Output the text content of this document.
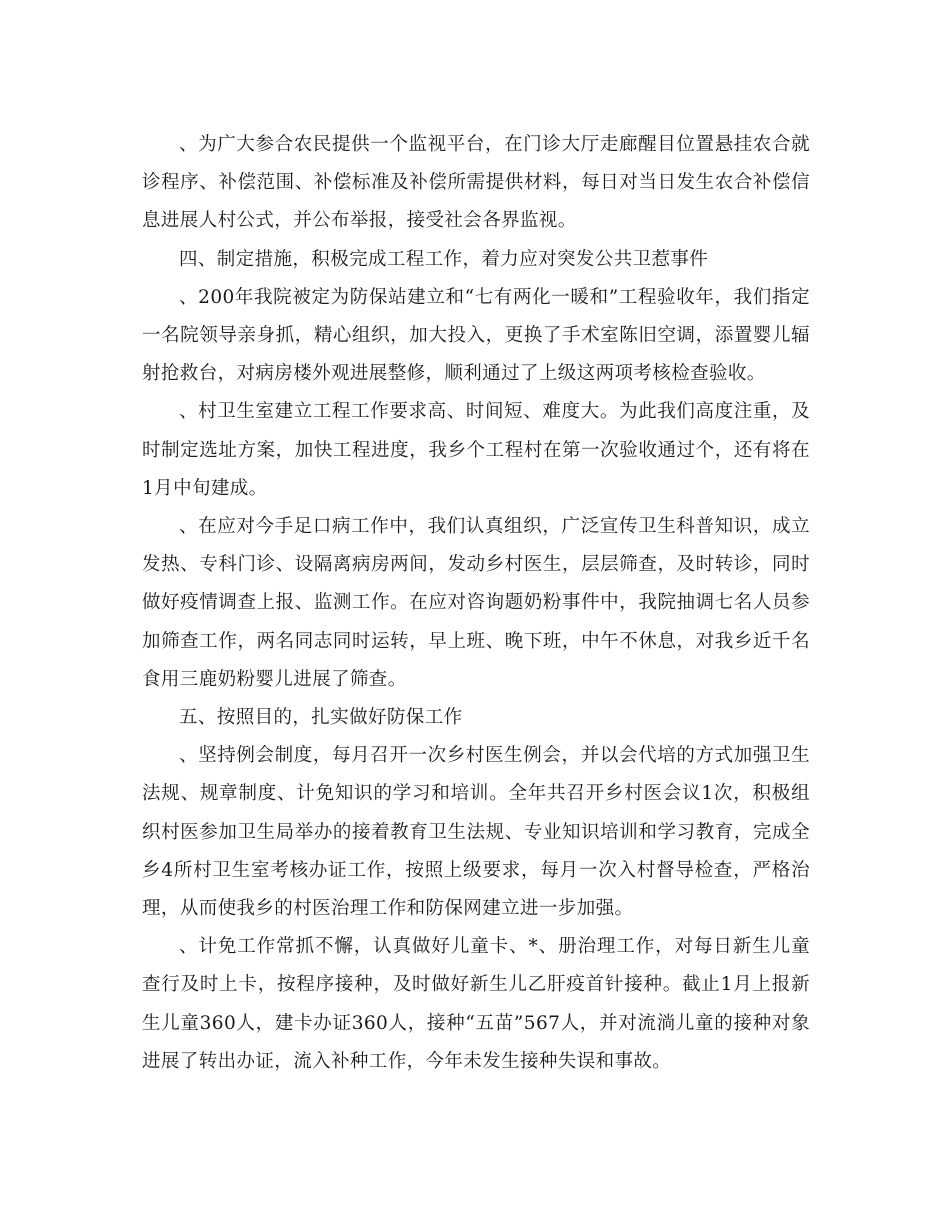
、为广大参合农民提供一个监视平台，在门诊大厅走廊醒目位置悬挂农合就诊程序、补偿范围、补偿标准及补偿所需提供材料，每日对当日发生农合补偿信息进展人村公式，并公布举报，接受社会各界监视。

四、制定措施，积极完成工程工作，着力应对突发公共卫惹事件

、200年我院被定为防保站建立和“七有两化一暖和”工程验收年，我们指定一名院领导亲身抓，精心组织，加大投入，更换了手术室陈旧空调，添置婴儿辐射抢救台，对病房楼外观进展整修，顺利通过了上级这两项考核检查验收。

、村卫生室建立工程工作要求高、时间短、难度大。为此我们高度注重，及时制定选址方案，加快工程进度，我乡个工程村在第一次验收通过个，还有将在1月中旬建成。

、在应对今手足口病工作中，我们认真组织，广泛宣传卫生科普知识，成立发热、专科门诊、设隔离病房两间，发动乡村医生，层层筛查，及时转诊，同时做好疫情调查上报、监测工作。在应对咨询题奶粉事件中，我院抽调七名人员参加筛查工作，两名同志同时运转，早上班、晚下班，中午不休息，对我乡近千名食用三鹿奶粉婴儿进展了筛查。

五、按照目的，扎实做好防保工作

、坚持例会制度，每月召开一次乡村医生例会，并以会代培的方式加强卫生法规、规章制度、计免知识的学习和培训。全年共召开乡村医会议1次，积极组织村医参加卫生局举办的接着教育卫生法规、专业知识培训和学习教育，完成全乡4所村卫生室考核办证工作，按照上级要求，每月一次入村督导检查，严格治理，从而使我乡的村医治理工作和防保网建立进一步加强。

、计免工作常抓不懈，认真做好儿童卡、*、册治理工作，对每日新生儿童查行及时上卡，按程序接种，及时做好新生儿乙肝疫首针接种。截止1月上报新生儿童360人，建卡办证360人，接种“五苗”567人，并对流淌儿童的接种对象进展了转出办证，流入补种工作，今年未发生接种失误和事故。
